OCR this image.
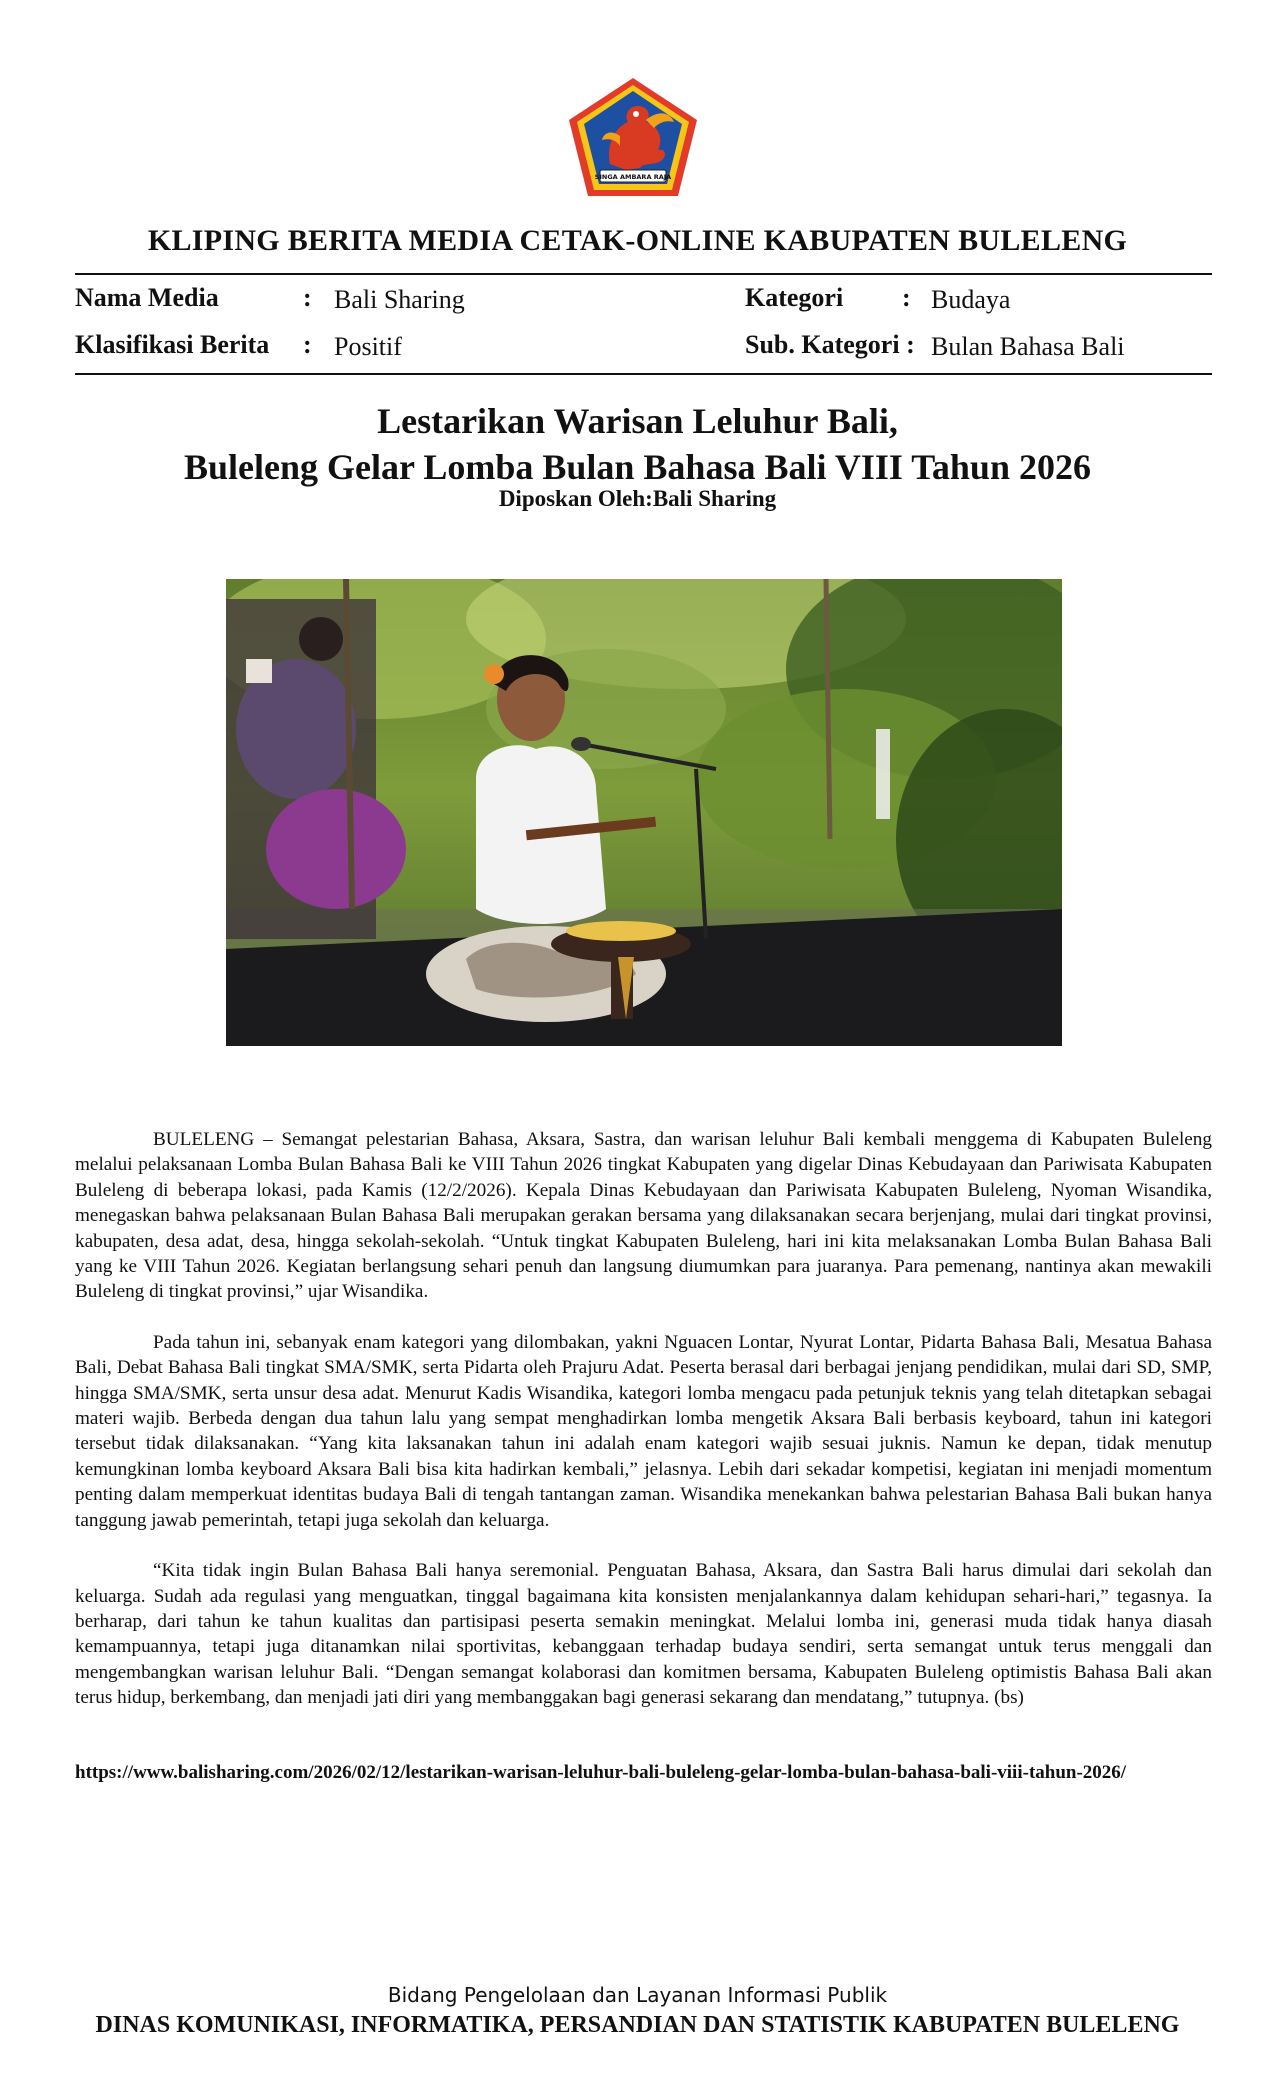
SINGA AMBARA RAJA
KLIPING BERITA MEDIA CETAK-ONLINE KABUPATEN BULELENG
Nama Media	: Bali Sharing
Klasifikasi Berita : Positif
Kategori : Budaya
Sub. Kategori : Bulan Bahasa Bali
Lestarikan Warisan Leluhur Bali,
Buleleng Gelar Lomba Bulan Bahasa Bali VIII Tahun 2026
Diposkan Oleh:Bali Sharing

BULELENG – Semangat pelestarian Bahasa, Aksara, Sastra, dan warisan leluhur Bali kembali menggema di Kabupaten Buleleng melalui pelaksanaan Lomba Bulan Bahasa Bali ke VIII Tahun 2026 tingkat Kabupaten yang digelar Dinas Kebudayaan dan Pariwisata Kabupaten Buleleng di beberapa lokasi, pada Kamis (12/2/2026). Kepala Dinas Kebudayaan dan Pariwisata Kabupaten Buleleng, Nyoman Wisandika, menegaskan bahwa pelaksanaan Bulan Bahasa Bali merupakan gerakan bersama yang dilaksanakan secara berjenjang, mulai dari tingkat provinsi, kabupaten, desa adat, desa, hingga sekolah-sekolah. “Untuk tingkat Kabupaten Buleleng, hari ini kita melaksanakan Lomba Bulan Bahasa Bali yang ke VIII Tahun 2026. Kegiatan berlangsung sehari penuh dan langsung diumumkan para juaranya. Para pemenang, nantinya akan mewakili Buleleng di tingkat provinsi,” ujar Wisandika.

Pada tahun ini, sebanyak enam kategori yang dilombakan, yakni Nguacen Lontar, Nyurat Lontar, Pidarta Bahasa Bali, Mesatua Bahasa Bali, Debat Bahasa Bali tingkat SMA/SMK, serta Pidarta oleh Prajuru Adat. Peserta berasal dari berbagai jenjang pendidikan, mulai dari SD, SMP, hingga SMA/SMK, serta unsur desa adat. Menurut Kadis Wisandika, kategori lomba mengacu pada petunjuk teknis yang telah ditetapkan sebagai materi wajib. Berbeda dengan dua tahun lalu yang sempat menghadirkan lomba mengetik Aksara Bali berbasis keyboard, tahun ini kategori tersebut tidak dilaksanakan. “Yang kita laksanakan tahun ini adalah enam kategori wajib sesuai juknis. Namun ke depan, tidak menutup kemungkinan lomba keyboard Aksara Bali bisa kita hadirkan kembali,” jelasnya. Lebih dari sekadar kompetisi, kegiatan ini menjadi momentum penting dalam memperkuat identitas budaya Bali di tengah tantangan zaman. Wisandika menekankan bahwa pelestarian Bahasa Bali bukan hanya tanggung jawab pemerintah, tetapi juga sekolah dan keluarga.

“Kita tidak ingin Bulan Bahasa Bali hanya seremonial. Penguatan Bahasa, Aksara, dan Sastra Bali harus dimulai dari sekolah dan keluarga. Sudah ada regulasi yang menguatkan, tinggal bagaimana kita konsisten menjalankannya dalam kehidupan sehari-hari,” tegasnya. Ia berharap, dari tahun ke tahun kualitas dan partisipasi peserta semakin meningkat. Melalui lomba ini, generasi muda tidak hanya diasah kemampuannya, tetapi juga ditanamkan nilai sportivitas, kebanggaan terhadap budaya sendiri, serta semangat untuk terus menggali dan mengembangkan warisan leluhur Bali. “Dengan semangat kolaborasi dan komitmen bersama, Kabupaten Buleleng optimistis Bahasa Bali akan terus hidup, berkembang, dan menjadi jati diri yang membanggakan bagi generasi sekarang dan mendatang,” tutupnya. (bs)

https://www.balisharing.com/2026/02/12/lestarikan-warisan-leluhur-bali-buleleng-gelar-lomba-bulan-bahasa-bali-viii-tahun-2026/
Bidang Pengelolaan dan Layanan Informasi Publik
DINAS KOMUNIKASI, INFORMATIKA, PERSANDIAN DAN STATISTIK KABUPATEN BULELENG
